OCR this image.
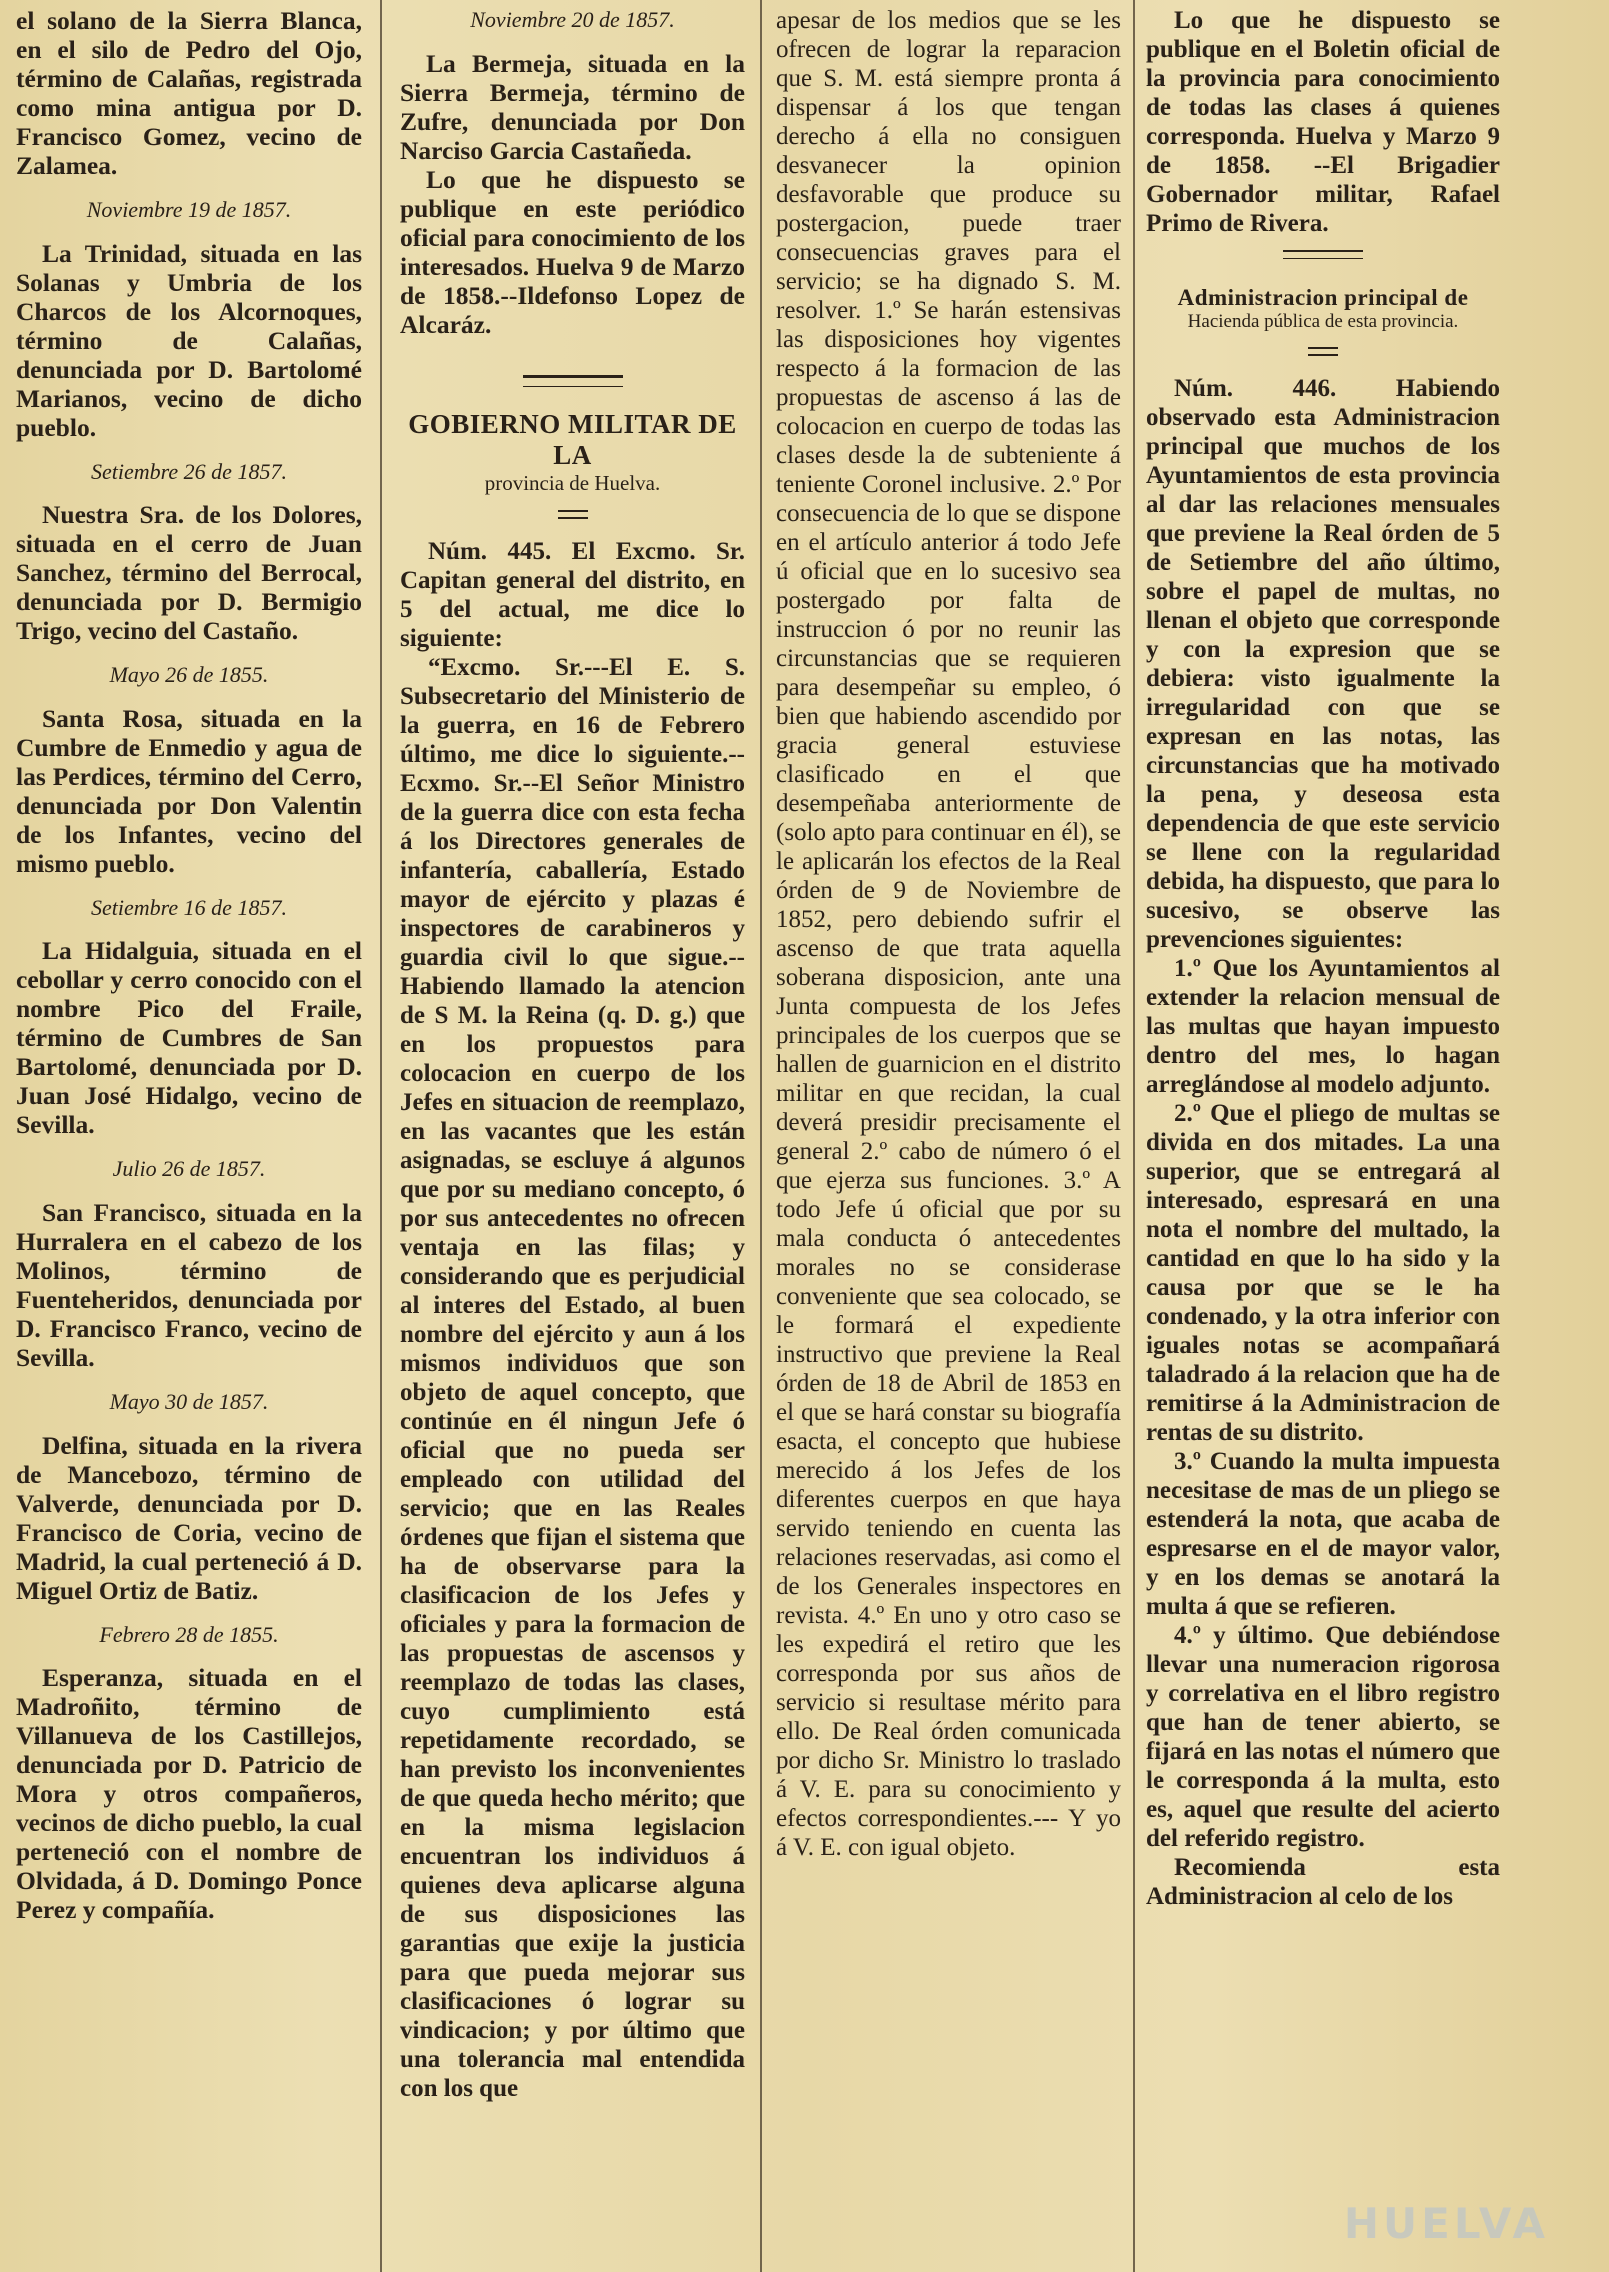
el solano de la Sierra Blanca, en el silo de Pedro del Ojo, término de Calañas, registrada como mina antigua por D. Francisco Gomez, vecino de Zalamea.

Noviembre 19 de 1857.

La Trinidad, situada en las Solanas y Umbria de los Charcos de los Alcornoques, término de Calañas, denunciada por D. Bartolomé Marianos, vecino de dicho pueblo.

Setiembre 26 de 1857.

Nuestra Sra. de los Dolores, situada en el cerro de Juan Sanchez, término del Berrocal, denunciada por D. Bermigio Trigo, vecino del Castaño.

Mayo 26 de 1855.

Santa Rosa, situada en la Cumbre de Enmedio y agua de las Perdices, término del Cerro, denunciada por Don Valentin de los Infantes, vecino del mismo pueblo.

Setiembre 16 de 1857.

La Hidalguia, situada en el cebollar y cerro conocido con el nombre Pico del Fraile, término de Cumbres de San Bartolomé, denunciada por D. Juan José Hidalgo, vecino de Sevilla.

Julio 26 de 1857.

San Francisco, situada en la Hurralera en el cabezo de los Molinos, término de Fuenteheridos, denunciada por D. Francisco Franco, vecino de Sevilla.

Mayo 30 de 1857.

Delfina, situada en la rivera de Mancebozo, término de Valverde, denunciada por D. Francisco de Coria, vecino de Madrid, la cual perteneció á D. Miguel Ortiz de Batiz.

Febrero 28 de 1855.

Esperanza, situada en el Madroñito, término de Villanueva de los Castillejos, denunciada por D. Patricio de Mora y otros compañeros, vecinos de dicho pueblo, la cual perteneció con el nombre de Olvidada, á D. Domingo Ponce Perez y compañía.

Noviembre 20 de 1857.

La Bermeja, situada en la Sierra Bermeja, término de Zufre, denunciada por Don Narciso Garcia Castañeda.

Lo que he dispuesto se publique en este periódico oficial para conocimiento de los interesados. Huelva 9 de Marzo de 1858.--Ildefonso Lopez de Alcaráz.

GOBIERNO MILITAR DE LA
provincia de Huelva.

Núm. 445. El Excmo. Sr. Capitan general del distrito, en 5 del actual, me dice lo siguiente:

“Excmo. Sr.---El E. S. Subsecretario del Ministerio de la guerra, en 16 de Febrero último, me dice lo siguiente.--Ecxmo. Sr.--El Señor Ministro de la guerra dice con esta fecha á los Directores generales de infantería, caballería, Estado mayor de ejército y plazas é inspectores de carabineros y guardia civil lo que sigue.-- Habiendo llamado la atencion de S M. la Reina (q. D. g.) que en los propuestos para colocacion en cuerpo de los Jefes en situacion de reemplazo, en las vacantes que les están asignadas, se escluye á algunos que por su mediano concepto, ó por sus antecedentes no ofrecen ventaja en las filas; y considerando que es perjudicial al interes del Estado, al buen nombre del ejército y aun á los mismos individuos que son objeto de aquel concepto, que continúe en él ningun Jefe ó oficial que no pueda ser empleado con utilidad del servicio; que en las Reales órdenes que fijan el sistema que ha de observarse para la clasificacion de los Jefes y oficiales y para la formacion de las propuestas de ascensos y reemplazo de todas las clases, cuyo cumplimiento está repetidamente recordado, se han previsto los inconvenientes de que queda hecho mérito; que en la misma legislacion encuentran los individuos á quienes deva aplicarse alguna de sus disposiciones las garantias que exije la justicia para que pueda mejorar sus clasificaciones ó lograr su vindicacion; y por último que una tolerancia mal entendida con los que

apesar de los medios que se les ofrecen de lograr la reparacion que S. M. está siempre pronta á dispensar á los que tengan derecho á ella no consiguen desvanecer la opinion desfavorable que produce su postergacion, puede traer consecuencias graves para el servicio; se ha dignado S. M. resolver. 1.º Se harán estensivas las disposiciones hoy vigentes respecto á la formacion de las propuestas de ascenso á las de colocacion en cuerpo de todas las clases desde la de subteniente á teniente Coronel inclusive. 2.º Por consecuencia de lo que se dispone en el artículo anterior á todo Jefe ú oficial que en lo sucesivo sea postergado por falta de instruccion ó por no reunir las circunstancias que se requieren para desempeñar su empleo, ó bien que habiendo ascendido por gracia general estuviese clasificado en el que desempeñaba anteriormente de (solo apto para continuar en él), se le aplicarán los efectos de la Real órden de 9 de Noviembre de 1852, pero debiendo sufrir el ascenso de que trata aquella soberana disposicion, ante una Junta compuesta de los Jefes principales de los cuerpos que se hallen de guarnicion en el distrito militar en que recidan, la cual deverá presidir precisamente el general 2.º cabo de número ó el que ejerza sus funciones. 3.º A todo Jefe ú oficial que por su mala conducta ó antecedentes morales no se considerase conveniente que sea colocado, se le formará el expediente instructivo que previene la Real órden de 18 de Abril de 1853 en el que se hará constar su biografía esacta, el concepto que hubiese merecido á los Jefes de los diferentes cuerpos en que haya servido teniendo en cuenta las relaciones reservadas, asi como el de los Generales inspectores en revista. 4.º En uno y otro caso se les expedirá el retiro que les corresponda por sus años de servicio si resultase mérito para ello. De Real órden comunicada por dicho Sr. Ministro lo traslado á V. E. para su conocimiento y efectos correspondientes.--- Y yo á V. E. con igual objeto.

Lo que he dispuesto se publique en el Boletin oficial de la provincia para conocimiento de todas las clases á quienes corresponda. Huelva y Marzo 9 de 1858. --El Brigadier Gobernador militar, Rafael Primo de Rivera.

Administracion principal de
Hacienda pública de esta provincia.

Núm. 446. Habiendo observado esta Administracion principal que muchos de los Ayuntamientos de esta provincia al dar las relaciones mensuales que previene la Real órden de 5 de Setiembre del año último, sobre el papel de multas, no llenan el objeto que corresponde y con la expresion que se debiera: visto igualmente la irregularidad con que se expresan en las notas, las circunstancias que ha motivado la pena, y deseosa esta dependencia de que este servicio se llene con la regularidad debida, ha dispuesto, que para lo sucesivo, se observe las prevenciones siguientes:

1.º Que los Ayuntamientos al extender la relacion mensual de las multas que hayan impuesto dentro del mes, lo hagan arreglándose al modelo adjunto.

2.º Que el pliego de multas se divida en dos mitades. La una superior, que se entregará al interesado, espresará en una nota el nombre del multado, la cantidad en que lo ha sido y la causa por que se le ha condenado, y la otra inferior con iguales notas se acompañará taladrado á la relacion que ha de remitirse á la Administracion de rentas de su distrito.

3.º Cuando la multa impuesta necesitase de mas de un pliego se estenderá la nota, que acaba de espresarse en el de mayor valor, y en los demas se anotará la multa á que se refieren.

4.º y último. Que debiéndose llevar una numeracion rigorosa y correlativa en el libro registro que han de tener abierto, se fijará en las notas el número que le corresponda á la multa, esto es, aquel que resulte del acierto del referido registro.

Recomienda esta Administracion al celo de los

HUELVA
